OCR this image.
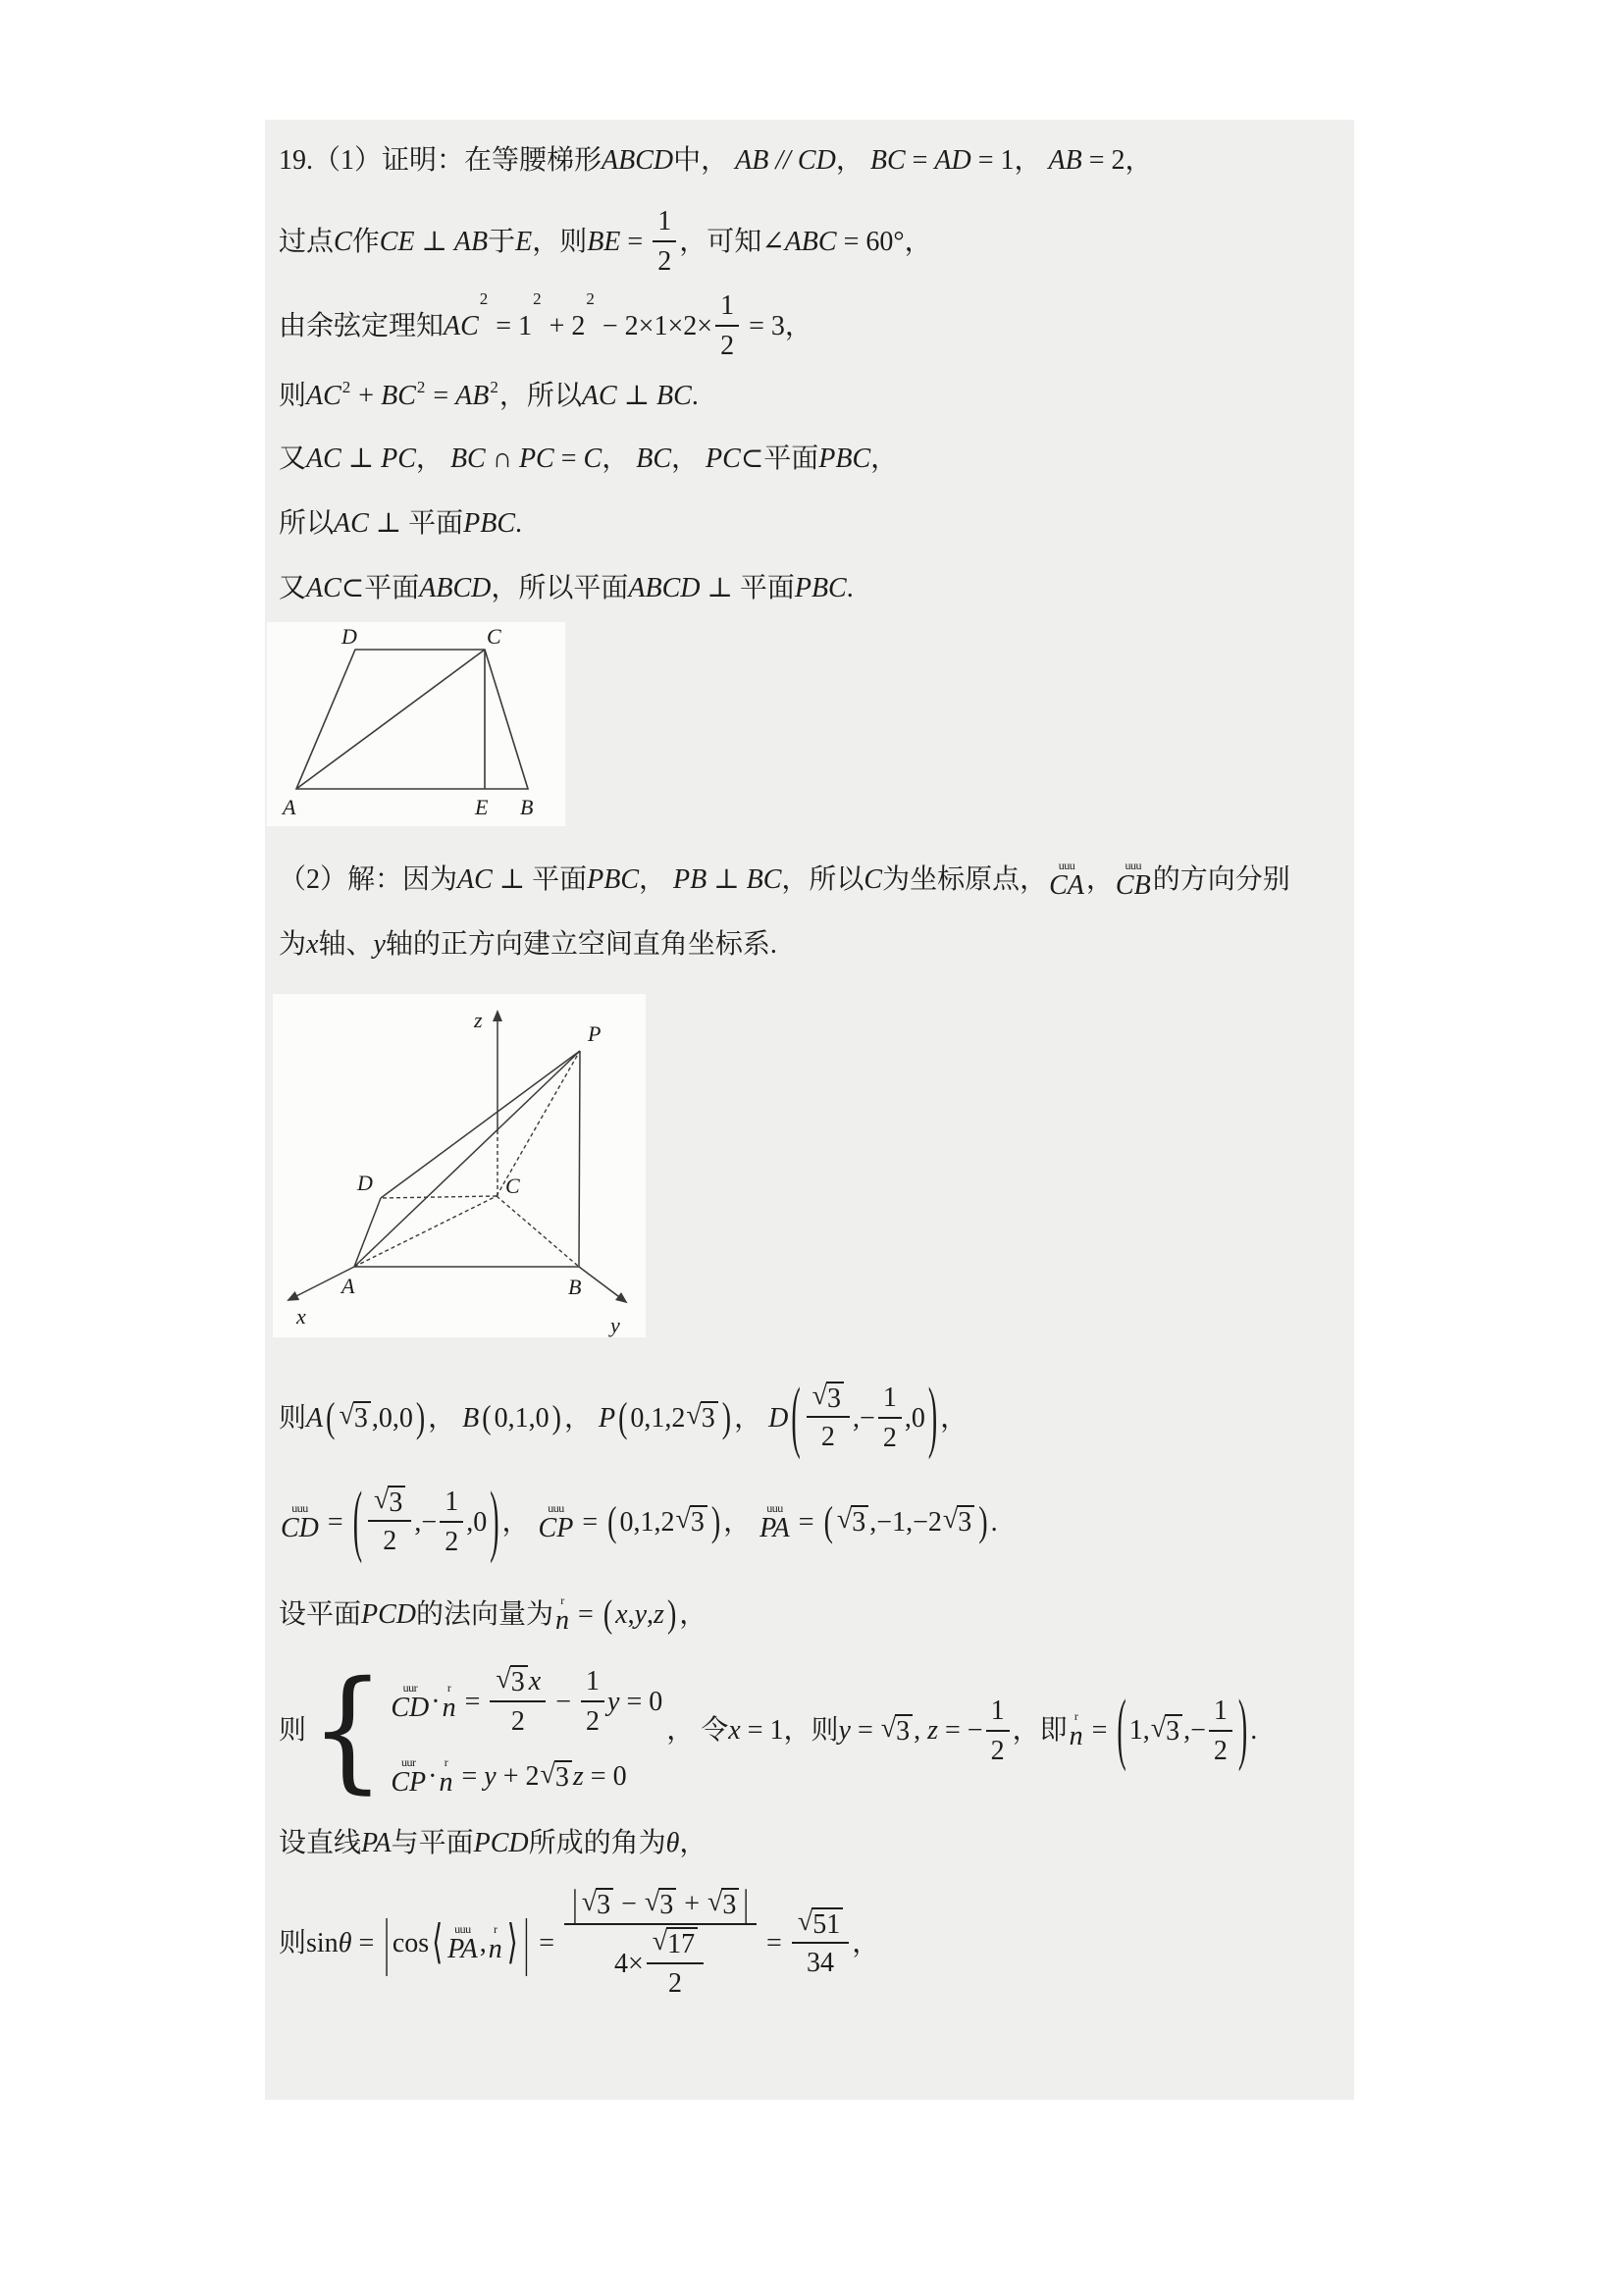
19.（1）证明：在等腰梯形 ABCD 中， AB // CD ， BC = AD = 1， AB = 2，
过点 C 作 CE ⊥ AB 于 E ，则 BE = $\frac{1}{2}$ ，可知∠ ABC = 60°，
由余弦定理知 AC
2
= 1
2
+ 2
2
− $2\times 1\times 2\times \frac{1}{2} = 3$，
则 AC 2 + BC 2 = AB 2 ，所以 AC ⊥ BC .
又 AC ⊥ PC ， BC ∩ PC = C ， BC ， PC ⊂平面 PBC ，
所以 AC ⊥ 平面 PBC .
又 AC ⊂平面 ABCD ，所以平面 ABCD ⊥ 平面 PBC .
D	C
A	E B
（2）解：因为 AC ⊥ 平面 PBC ， PB ⊥ BC ，所以 C 为坐标原点， uuu
CA ， uuu
CB 的方向分别
为 x 轴、 y 轴的正方向建立空间直角坐标系.
z
P
D	C
A	B
x	y
则 A ( √ 3 ,0,0 ) ， B ( 0,1,0 ) ， P ( 0,1,2 √ 3 ) ， D ( $\frac{√ 3}{2}$ ,− $\frac{1}{2} ,0$ ) ，
uuu
CD = ( $\frac{√ 3}{2}$ ,− $\frac{1}{2} ,0$ ) ， uuu
CP = ( 0,1,2 √ 3 ) ， uuu
PA = ( √ 3 ,−1,−2 √ 3 ) .
设平面 PCD 的法向量为 r
n = ( x , y , z ) ，
则 { uur
CD · r
$n = \frac{√ 3 x}{2} - \frac{1}{2}$ y = 0
uur
CP · r
n = y + 2 √ 3 z = 0
， 令 x = 1，则 y = √ 3 , z = − $\frac{1}{2}$ ，即 r
n = ( 1, √ 3 ,− $\frac{1}{2}$ ) .
设直线 PA 与平面 PCD 所成的角为 θ ，
则sin θ = | cos ⟨ uuu
PA , r
n ⟩ | = $\frac{| √ 3 - √ 3 + √ 3 |}{4\times \frac{√ 17}{2}} = \frac{√ 51}{34}$ ，
